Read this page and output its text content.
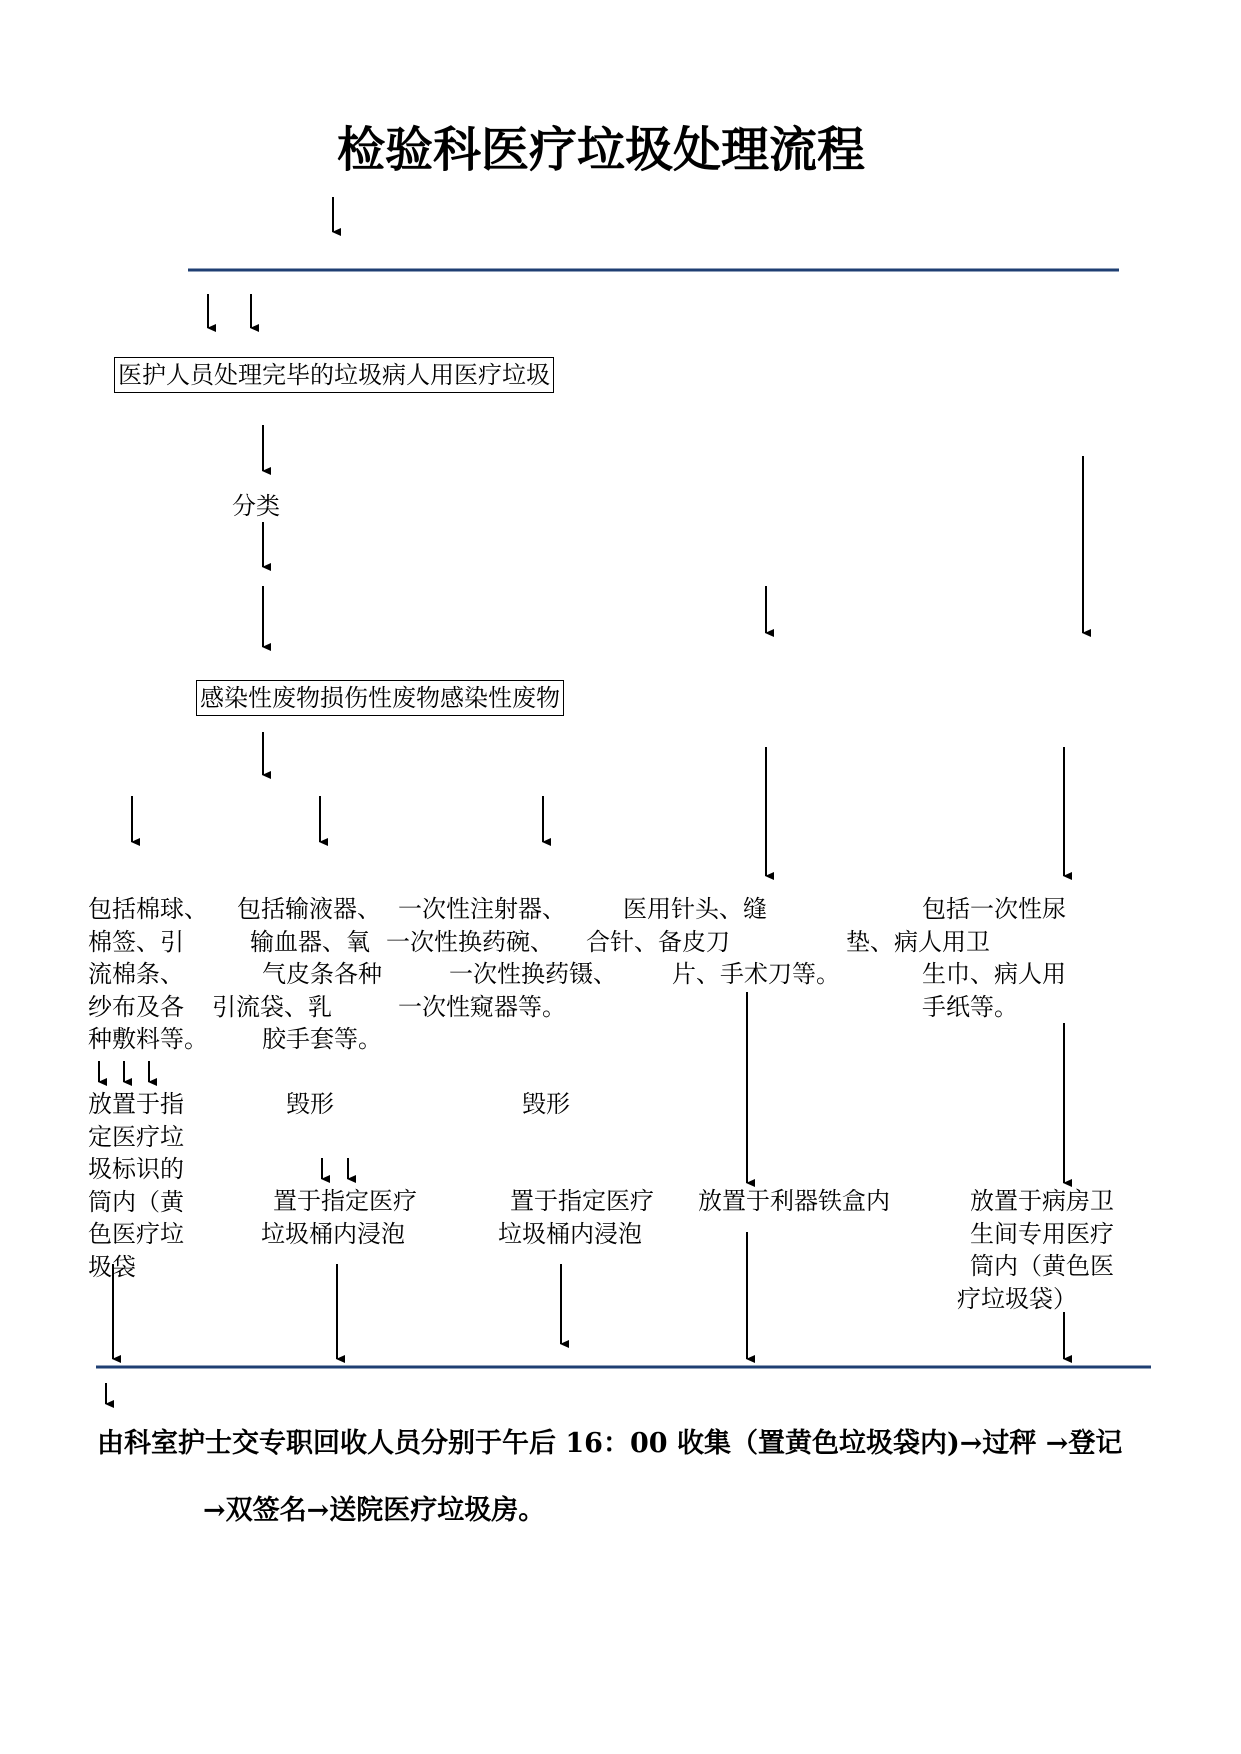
检验科医疗垃圾处理流程
医护人员处理完毕的垃圾病人用医疗垃圾
分类
感染性废物损伤性废物感染性废物
包括棉球、
棉签、引
流棉条、
纱布及各
种敷料等。
包括输液器、
输血器、氧
气皮条各种
引流袋、乳
胶手套等。
一次性注射器、
一次性换药碗、
一次性换药镊、
一次性窥器等。
医用针头、缝
合针、备皮刀
片、手术刀等。
包括一次性尿
垫、病人用卫
生巾、病人用
手纸等。
毁形	毁形
放置于指
定医疗垃
圾标识的
筒内（黄
色医疗垃
圾袋
置于指定医疗
垃圾桶内浸泡
置于指定医疗
垃圾桶内浸泡
放置于利器铁盒内	放置于病房卫
生间专用医疗
筒内（黄色医
疗垃圾袋）
由科室护士交专职回收人员分别于午后 16：00 收集（置黄色垃圾袋内)→过秤 →登记
→双签名→送院医疗垃圾房。
